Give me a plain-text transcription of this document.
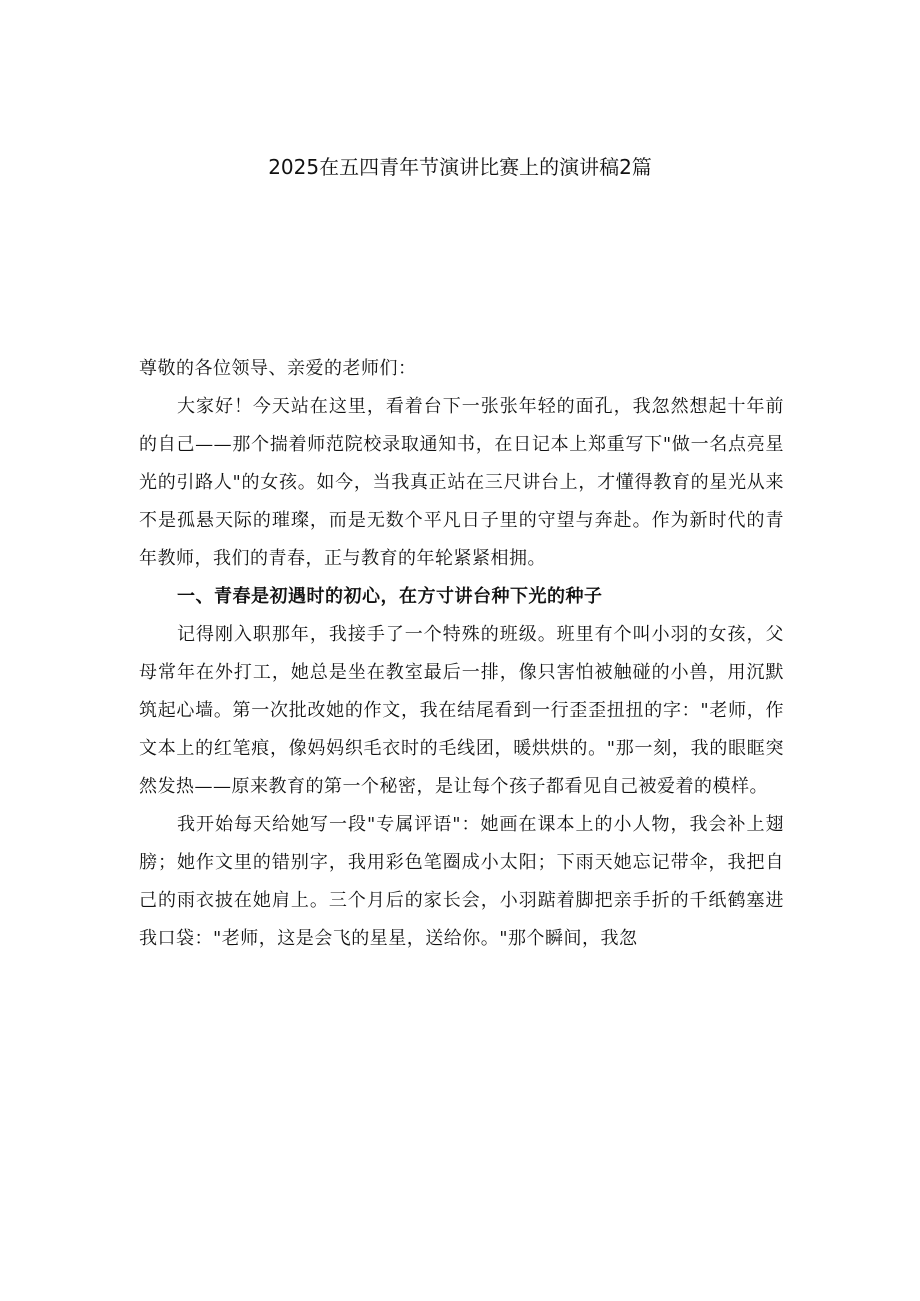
2025在五四青年节演讲比赛上的演讲稿2篇

尊敬的各位领导、亲爱的老师们：

大家好！今天站在这里，看着台下一张张年轻的面孔，我忽然想起十年前的自己——那个揣着师范院校录取通知书，在日记本上郑重写下"做一名点亮星光的引路人"的女孩。如今，当我真正站在三尺讲台上，才懂得教育的星光从来不是孤悬天际的璀璨，而是无数个平凡日子里的守望与奔赴。作为新时代的青年教师，我们的青春，正与教育的年轮紧紧相拥。

一、青春是初遇时的初心，在方寸讲台种下光的种子

记得刚入职那年，我接手了一个特殊的班级。班里有个叫小羽的女孩，父母常年在外打工，她总是坐在教室最后一排，像只害怕被触碰的小兽，用沉默筑起心墙。第一次批改她的作文，我在结尾看到一行歪歪扭扭的字："老师，作文本上的红笔痕，像妈妈织毛衣时的毛线团，暖烘烘的。"那一刻，我的眼眶突然发热——原来教育的第一个秘密，是让每个孩子都看见自己被爱着的模样。

我开始每天给她写一段"专属评语"：她画在课本上的小人物，我会补上翅膀；她作文里的错别字，我用彩色笔圈成小太阳；下雨天她忘记带伞，我把自己的雨衣披在她肩上。三个月后的家长会，小羽踮着脚把亲手折的千纸鹤塞进我口袋："老师，这是会飞的星星，送给你。"那个瞬间，我忽
